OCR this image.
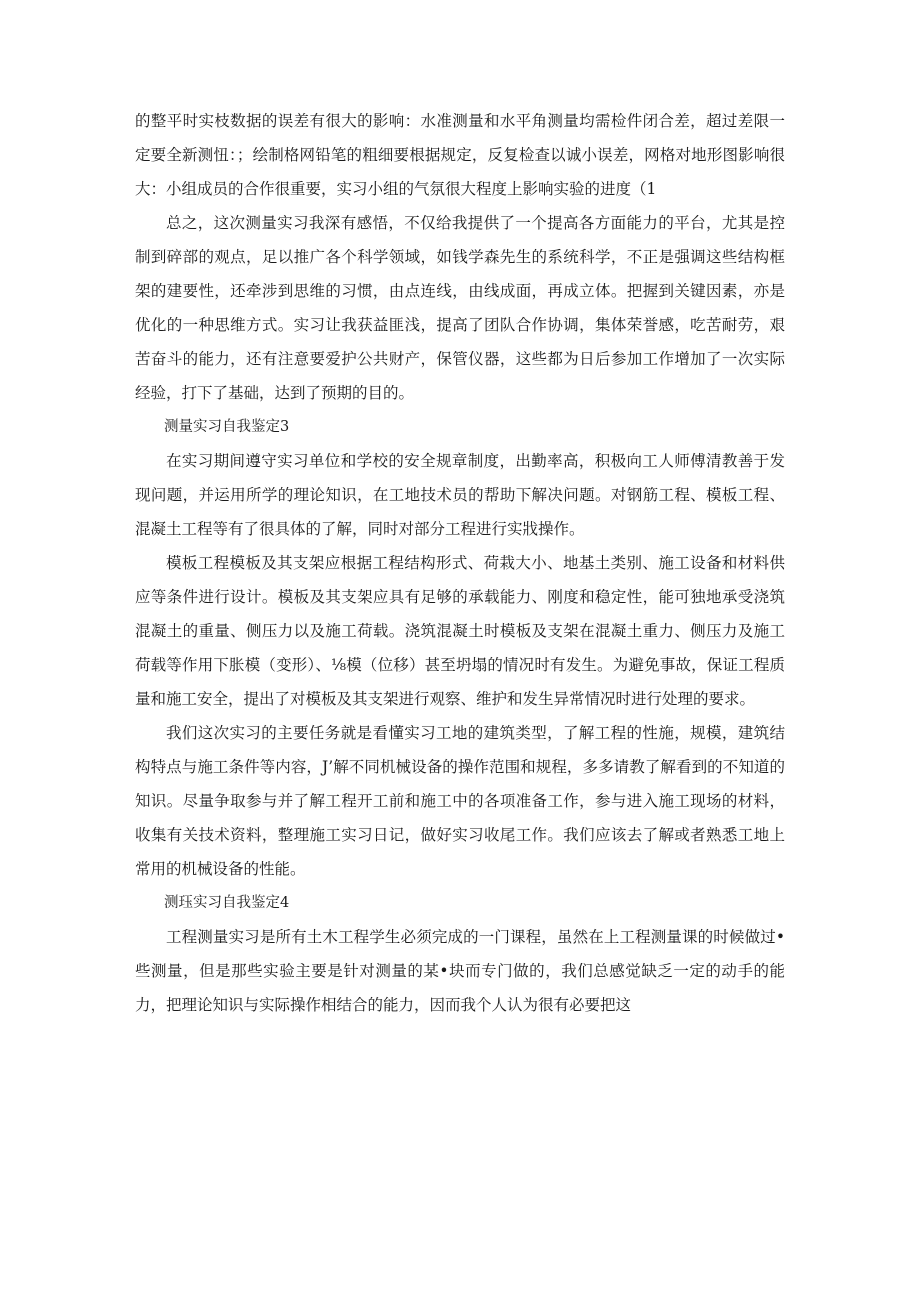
的整平时实枝数据的误差有很大的影响：水准测量和水平角测量均需检件闭合差，超过差限一定要全新测忸：；绘制格网铅笔的粗细要根据规定，反复检查以诚小误差，网格对地形图影响很大：小组成员的合作很重要，实习小组的气氛很大程度上影响实验的进度（1

总之，这次测量实习我深有感悟，不仅给我提供了一个提高各方面能力的平台，尤其是控制到碎部的观点，足以推广各个科学领域，如钱学森先生的系统科学，不正是强调这些结构框架的建要性，还牵涉到思维的习惯，由点连线，由线成面，再成立体。把握到关键因素，亦是优化的一种思维方式。实习让我获益匪浅，提高了团队合作协调，集体荣誉感，吃苦耐劳，艰苦奋斗的能力，还有注意要爱护公共财产，保管仪器，这些都为日后参加工作增加了一次实际经验，打下了基础，达到了预期的目的。

测量实习自我鉴定3

在实习期间遵守实习单位和学校的安全规章制度，出勤率高，积极向工人师傅清教善于发现问题，并运用所学的理论知识，在工地技术员的帮助下解决问题。对钢筋工程、模板工程、混凝土工程等有了很具体的了解，同时对部分工程进行实戕操作。

模板工程模板及其支架应根据工程结构形式、荷栽大小、地基土类别、施工设备和材料供应等条件进行设计。模板及其支架应具有足够的承载能力、刚度和稳定性，能可独地承受浇筑混凝土的重量、侧压力以及施工荷载。浇筑混凝土时模板及支架在混凝土重力、侧压力及施工荷载等作用下胀模（变形）、⅛模（位移）甚至坍塌的情况时有发生。为避免事故，保证工程质量和施工安全，提出了对模板及其支架进行观察、维护和发生异常情况时进行处理的要求。

我们这次实习的主要任务就是看懂实习工地的建筑类型，了解工程的性施，规模，建筑结构特点与施工条件等内容，J’解不同机械设备的操作范围和规程，多多请教了解看到的不知道的知识。尽量争取参与并了解工程开工前和施工中的各项准备工作，参与进入施工现场的材料，收集有关技术资料，整理施工实习日记，做好实习收尾工作。我们应该去了解或者熟悉工地上常用的机械设备的性能。

测珏实习自我鉴定4

工程测量实习是所有土木工程学生必须完成的一门课程，虽然在上工程测量课的时候做过•些测量，但是那些实验主要是针对测量的某•块而专门做的，我们总感觉缺乏一定的动手的能力，把理论知识与实际操作相结合的能力，因而我个人认为很有必要把这
